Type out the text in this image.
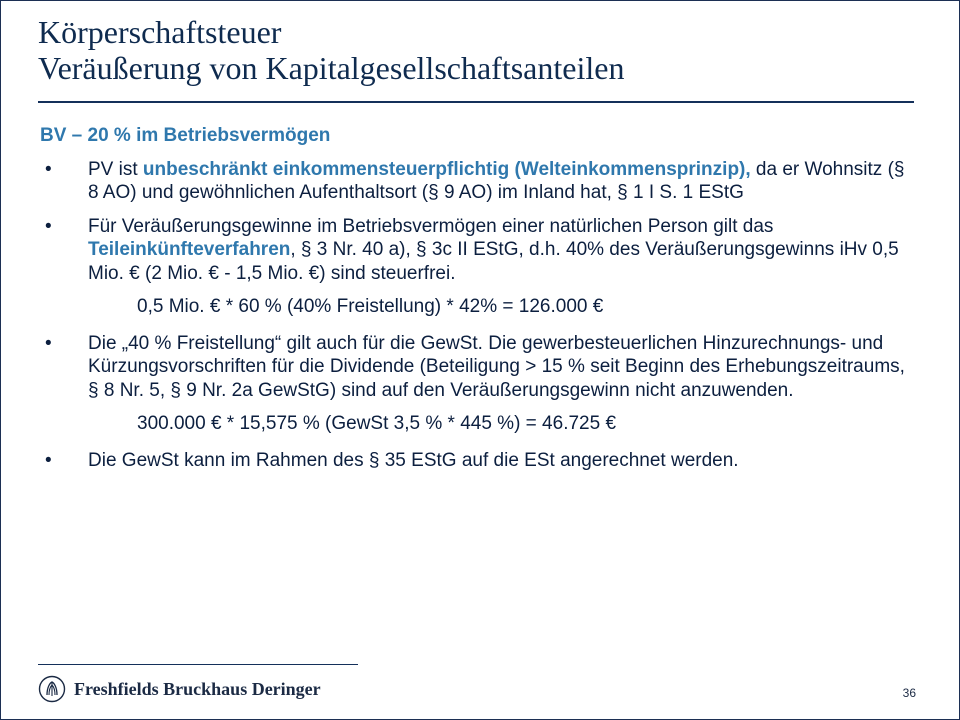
Körperschaftsteuer
Veräußerung von Kapitalgesellschaftsanteilen
BV – 20 % im Betriebsvermögen
• PV ist unbeschränkt einkommensteuerpflichtig (Welteinkommensprinzip), da er Wohnsitz (§ 8 AO) und gewöhnlichen Aufenthaltsort (§ 9 AO) im Inland hat, § 1 I S. 1 EStG
• Für Veräußerungsgewinne im Betriebsvermögen einer natürlichen Person gilt das Teileinkünfteverfahren, § 3 Nr. 40 a), § 3c II EStG, d.h. 40% des Veräußerungsgewinns iHv 0,5 Mio. € (2 Mio. € - 1,5 Mio. €) sind steuerfrei.
0,5 Mio. € * 60 % (40% Freistellung) * 42% = 126.000 €
• Die „40 % Freistellung“ gilt auch für die GewSt. Die gewerbesteuerlichen Hinzurechnungs- und Kürzungsvorschriften für die Dividende (Beteiligung > 15 % seit Beginn des Erhebungszeitraums, § 8 Nr. 5, § 9 Nr. 2a GewStG) sind auf den Veräußerungsgewinn nicht anzuwenden.
300.000 € * 15,575 % (GewSt 3,5 % * 445 %) = 46.725 €
• Die GewSt kann im Rahmen des § 35 EStG auf die ESt angerechnet werden.
Freshfields Bruckhaus Deringer	36
